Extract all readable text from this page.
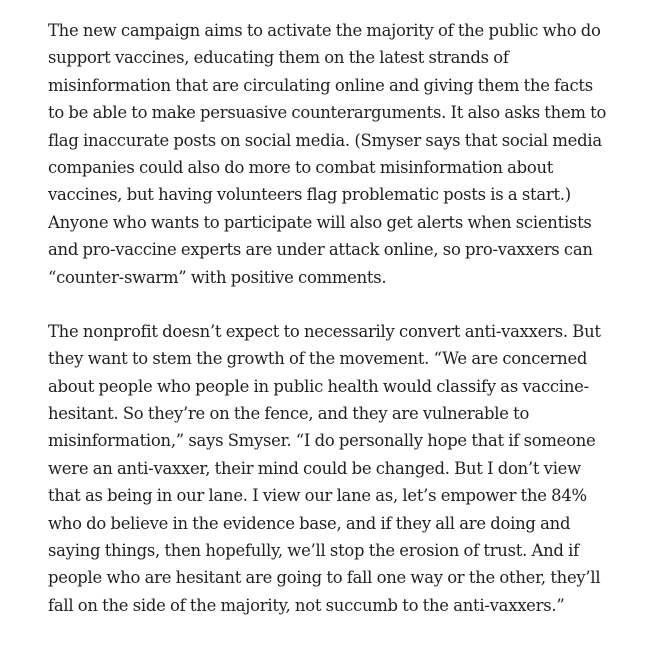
The new campaign aims to activate the majority of the public who do
support vaccines, educating them on the latest strands of
misinformation that are circulating online and giving them the facts
to be able to make persuasive counterarguments. It also asks them to
flag inaccurate posts on social media. (Smyser says that social media
companies could also do more to combat misinformation about
vaccines, but having volunteers flag problematic posts is a start.)
Anyone who wants to participate will also get alerts when scientists
and pro-vaccine experts are under attack online, so pro-vaxxers can
“counter-swarm” with positive comments.
The nonprofit doesn’t expect to necessarily convert anti-vaxxers. But
they want to stem the growth of the movement. “We are concerned
about people who people in public health would classify as vaccine-
hesitant. So they’re on the fence, and they are vulnerable to
misinformation,” says Smyser. “I do personally hope that if someone
were an anti-vaxxer, their mind could be changed. But I don’t view
that as being in our lane. I view our lane as, let’s empower the 84%
who do believe in the evidence base, and if they all are doing and
saying things, then hopefully, we’ll stop the erosion of trust. And if
people who are hesitant are going to fall one way or the other, they’ll
fall on the side of the majority, not succumb to the anti-vaxxers.”
